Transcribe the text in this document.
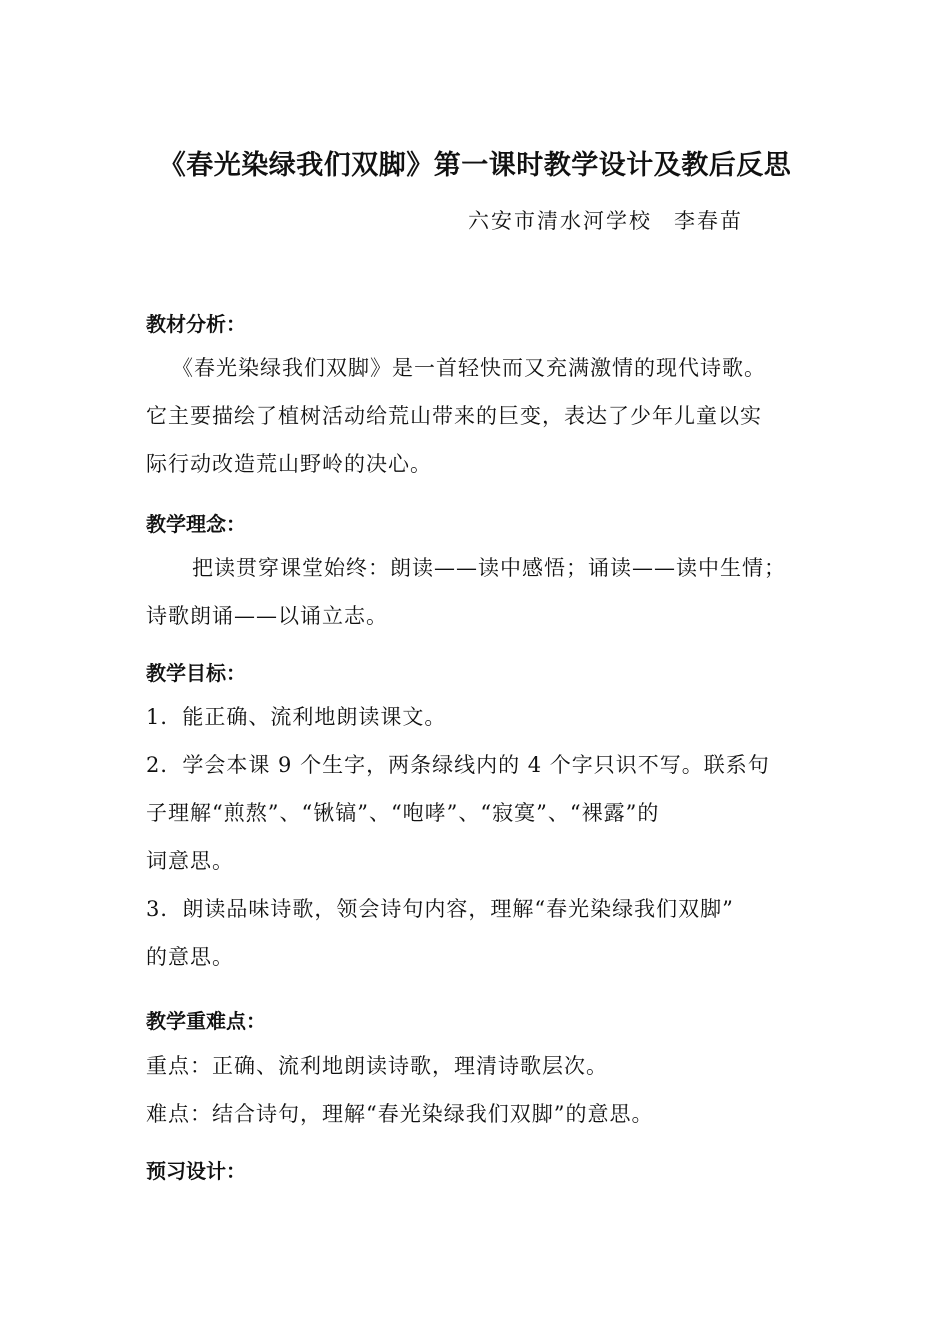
《春光染绿我们双脚》第一课时教学设计及教后反思
六安市清水河学校 李春苗
教材分析：
《春光染绿我们双脚》是一首轻快而又充满激情的现代诗歌。
它主要描绘了植树活动给荒山带来的巨变，表达了少年儿童以实
际行动改造荒山野岭的决心。
教学理念：
把读贯穿课堂始终：朗读——读中感悟；诵读——读中生情；
诗歌朗诵——以诵立志。
教学目标：
1．能正确、流利地朗读课文。
2．学会本课 9 个生字，两条绿线内的 4 个字只识不写。联系句
子理解“煎熬”、“锹镐”、“咆哮”、“寂寞”、“裸露”的
词意思。
3．朗读品味诗歌，领会诗句内容，理解“春光染绿我们双脚”
的意思。
教学重难点：
重点：正确、流利地朗读诗歌，理清诗歌层次。
难点：结合诗句，理解“春光染绿我们双脚”的意思。
预习设计：
